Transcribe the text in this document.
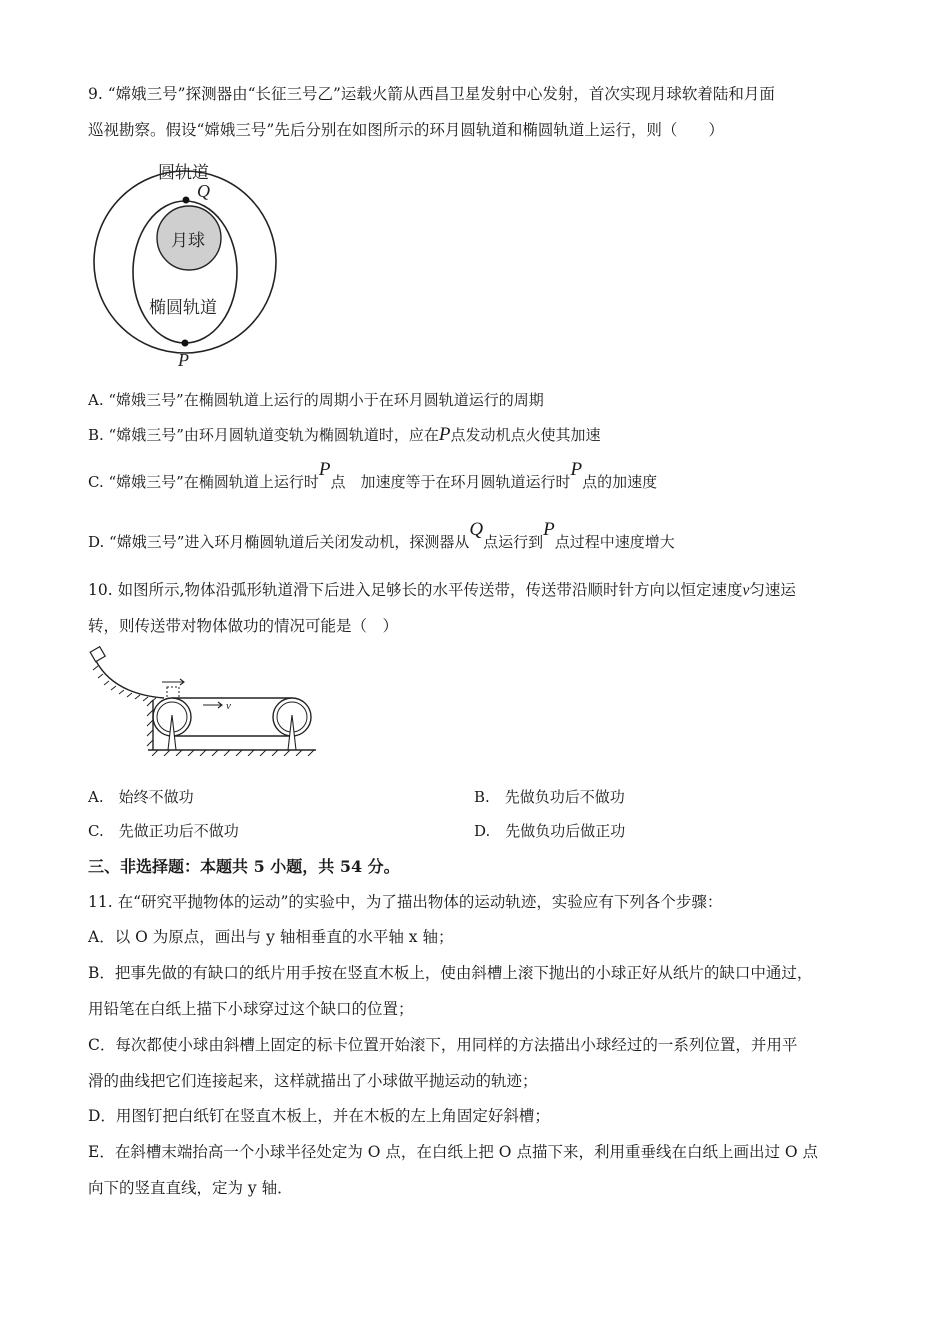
9. “嫦娥三号”探测器由“长征三号乙”运载火箭从西昌卫星发射中心发射，首次实现月球软着陆和月面
巡视勘察。假设“嫦娥三号”先后分别在如图所示的环月圆轨道和椭圆轨道上运行，则（　　）
圆轨道
Q
月球
椭圆轨道
P
A. “嫦娥三号”在椭圆轨道上运行的周期小于在环月圆轨道运行的周期
B. “嫦娥三号”由环月圆轨道变轨为椭圆轨道时，应在P点发动机点火使其加速
C. “嫦娥三号”在椭圆轨道上运行时P点　加速度等于在环月圆轨道运行时P点的加速度
D. “嫦娥三号”进入环月椭圆轨道后关闭发动机，探测器从Q点运行到P点过程中速度增大
10. 如图所示,物体沿弧形轨道滑下后进入足够长的水平传送带，传送带沿顺时针方向以恒定速度v匀速运
转，则传送带对物体做功的情况可能是（　）
v
A.　始终不做功	B.　先做负功后不做功
C.　先做正功后不做功	D.　先做负功后做正功
三、非选择题：本题共 5 小题，共 54 分。
11. 在“研究平抛物体的运动”的实验中，为了描出物体的运动轨迹，实验应有下列各个步骤：
A．以 O 为原点，画出与 y 轴相垂直的水平轴 x 轴；
B．把事先做的有缺口的纸片用手按在竖直木板上，使由斜槽上滚下抛出的小球正好从纸片的缺口中通过，
用铅笔在白纸上描下小球穿过这个缺口的位置；
C．每次都使小球由斜槽上固定的标卡位置开始滚下，用同样的方法描出小球经过的一系列位置，并用平
滑的曲线把它们连接起来，这样就描出了小球做平抛运动的轨迹；
D．用图钉把白纸钉在竖直木板上，并在木板的左上角固定好斜槽；
E．在斜槽末端抬高一个小球半径处定为 O 点，在白纸上把 O 点描下来，利用重垂线在白纸上画出过 O 点
向下的竖直直线，定为 y 轴．
